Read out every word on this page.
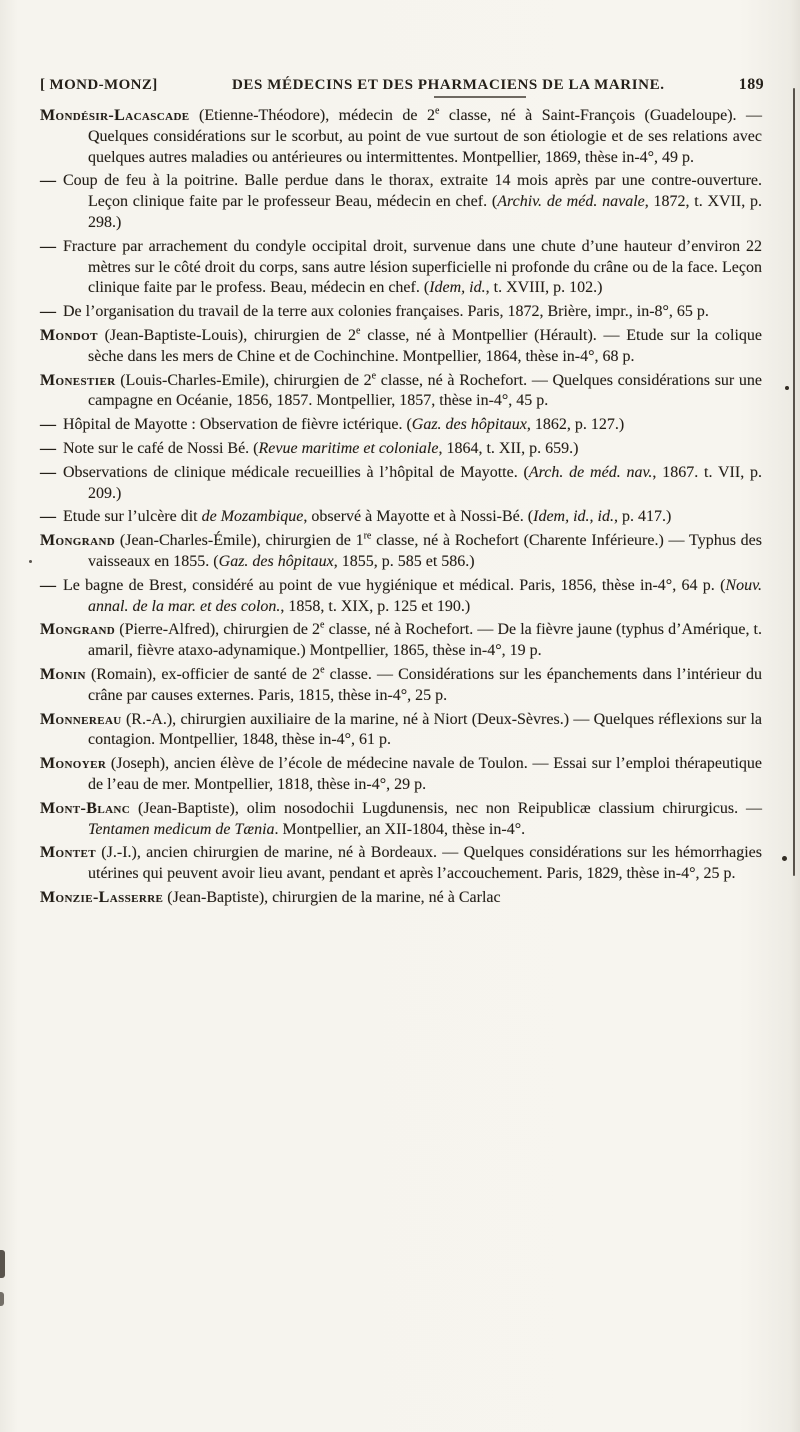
[ MOND-MONZ]	DES MÉDECINS ET DES PHARMACIENS DE LA MARINE.	189

Mondésir-Lacascade (Etienne-Théodore), médecin de 2e classe, né à Saint-François (Guadeloupe). — Quelques considérations sur le scorbut, au point de vue surtout de son étiologie et de ses relations avec quelques autres maladies ou antérieures ou intermittentes. Montpellier, 1869, thèse in-4°, 49 p.

— Coup de feu à la poitrine. Balle perdue dans le thorax, extraite 14 mois après par une contre-ouverture. Leçon clinique faite par le professeur Beau, médecin en chef. (Archiv. de méd. navale, 1872, t. XVII, p. 298.)

— Fracture par arrachement du condyle occipital droit, survenue dans une chute d’une hauteur d’environ 22 mètres sur le côté droit du corps, sans autre lésion superficielle ni profonde du crâne ou de la face. Leçon clinique faite par le profess. Beau, médecin en chef. (Idem, id., t. XVIII, p. 102.)

— De l’organisation du travail de la terre aux colonies françaises. Paris, 1872, Brière, impr., in-8°, 65 p.

Mondot (Jean-Baptiste-Louis), chirurgien de 2e classe, né à Montpellier (Hérault). — Etude sur la colique sèche dans les mers de Chine et de Cochinchine. Montpellier, 1864, thèse in-4°, 68 p.

Monestier (Louis-Charles-Emile), chirurgien de 2e classe, né à Rochefort. — Quelques considérations sur une campagne en Océanie, 1856, 1857. Montpellier, 1857, thèse in-4°, 45 p.

— Hôpital de Mayotte : Observation de fièvre ictérique. (Gaz. des hôpitaux, 1862, p. 127.)

— Note sur le café de Nossi Bé. (Revue maritime et coloniale, 1864, t. XII, p. 659.)

— Observations de clinique médicale recueillies à l’hôpital de Mayotte. (Arch. de méd. nav., 1867. t. VII, p. 209.)

— Etude sur l’ulcère dit de Mozambique, observé à Mayotte et à Nossi-Bé. (Idem, id., id., p. 417.)

Mongrand (Jean-Charles-Émile), chirurgien de 1re classe, né à Rochefort (Charente Inférieure.) — Typhus des vaisseaux en 1855. (Gaz. des hôpitaux, 1855, p. 585 et 586.)

— Le bagne de Brest, considéré au point de vue hygiénique et médical. Paris, 1856, thèse in-4°, 64 p. (Nouv. annal. de la mar. et des colon., 1858, t. XIX, p. 125 et 190.)

Mongrand (Pierre-Alfred), chirurgien de 2e classe, né à Rochefort. — De la fièvre jaune (typhus d’Amérique, t. amaril, fièvre ataxo-adynamique.) Montpellier, 1865, thèse in-4°, 19 p.

Monin (Romain), ex-officier de santé de 2e classe. — Considérations sur les épanchements dans l’intérieur du crâne par causes externes. Paris, 1815, thèse in-4°, 25 p.

Monnereau (R.-A.), chirurgien auxiliaire de la marine, né à Niort (Deux-Sèvres.) — Quelques réflexions sur la contagion. Montpellier, 1848, thèse in-4°, 61 p.

Monoyer (Joseph), ancien élève de l’école de médecine navale de Toulon. — Essai sur l’emploi thérapeutique de l’eau de mer. Montpellier, 1818, thèse in-4°, 29 p.

Mont-Blanc (Jean-Baptiste), olim nosodochii Lugdunensis, nec non Reipublicæ classium chirurgicus. — Tentamen medicum de Tænia. Montpellier, an XII-1804, thèse in-4°.

Montet (J.-I.), ancien chirurgien de marine, né à Bordeaux. — Quelques considérations sur les hémorrhagies utérines qui peuvent avoir lieu avant, pendant et après l’accouchement. Paris, 1829, thèse in-4°, 25 p.

Monzie-Lasserre (Jean-Baptiste), chirurgien de la marine, né à Carlac
